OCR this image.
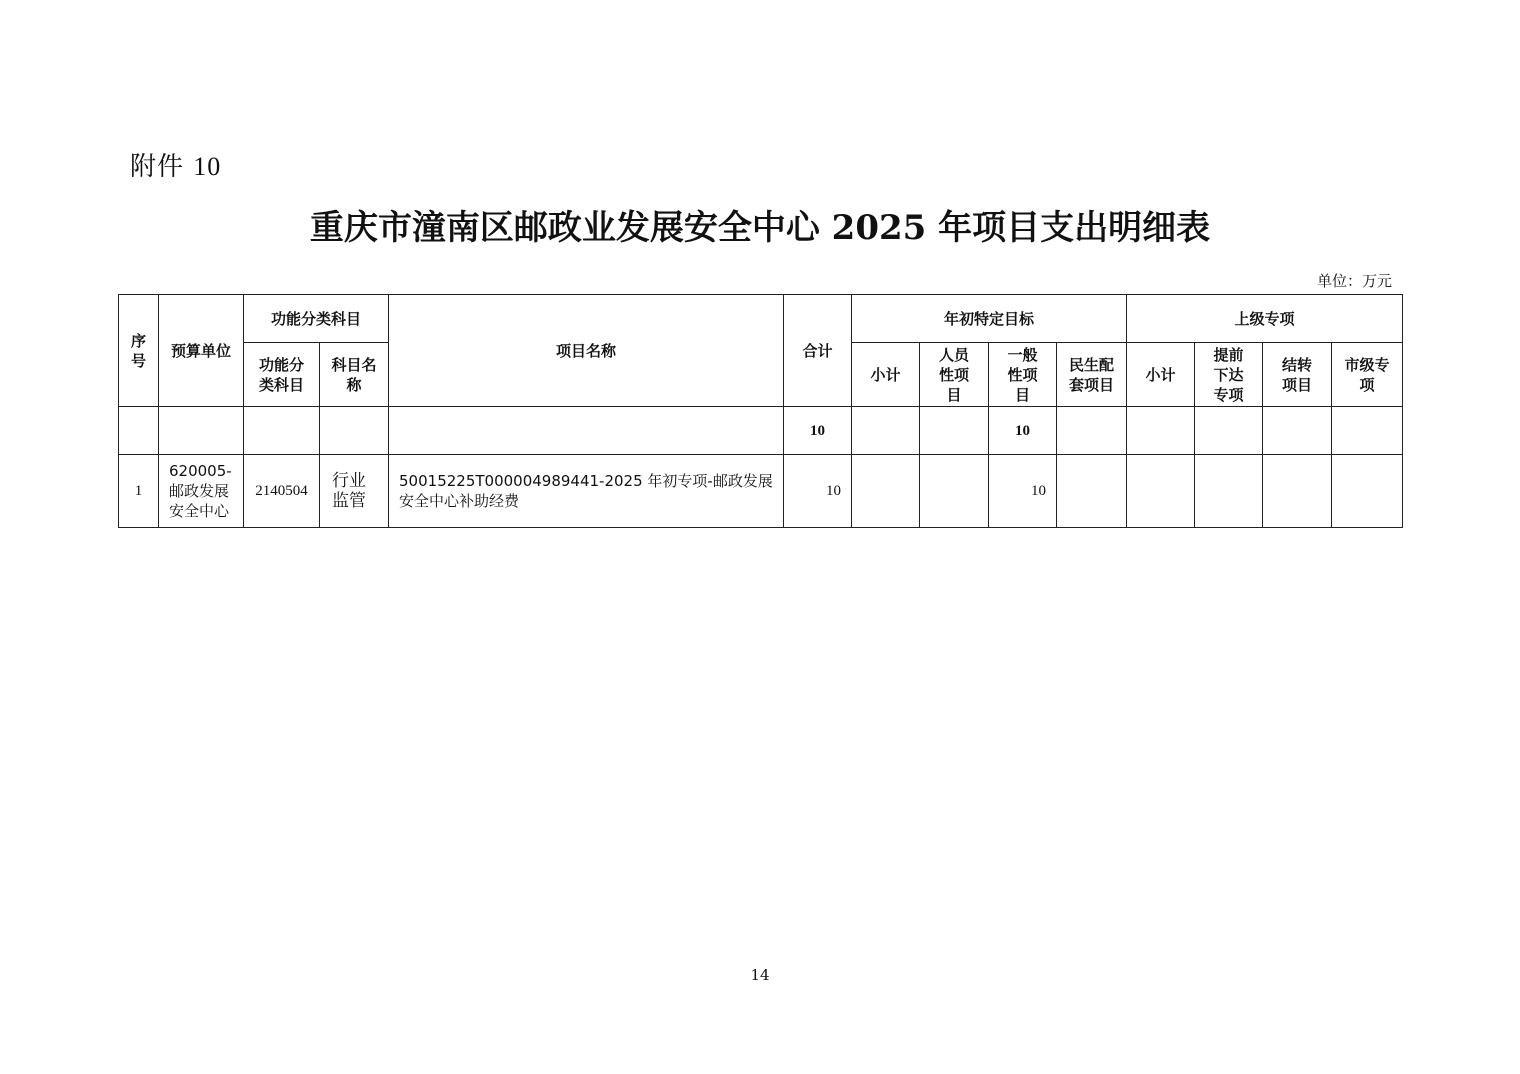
附件 10
重庆市潼南区邮政业发展安全中心 2025 年项目支出明细表
单位：万元
序号	预算单位	功能分类科目		项目名称	合计	年初特定目标				上级专项			
		功能分类科目	科目名称			小计	人员性项目	一般性项目	民生配套项目	小计	提前下达专项	结转项目	市级专项
					10			10					
1	620005-邮政发展安全中心	2140504	行业监管	50015225T000004989441-2025 年初专项-邮政发展安全中心补助经费	10			10					
14
